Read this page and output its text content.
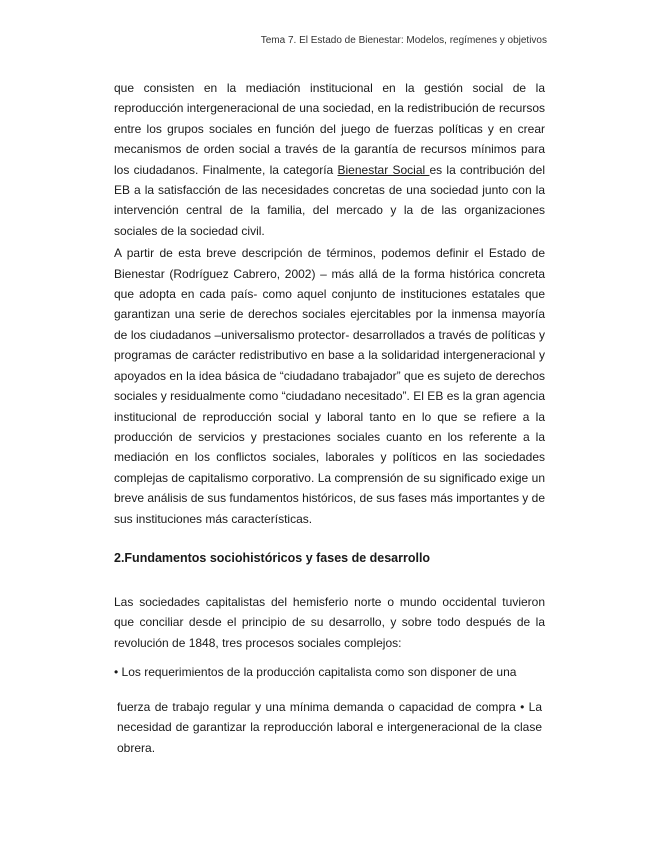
Tema 7. El Estado de Bienestar: Modelos, regímenes y objetivos

que consisten en la mediación institucional en la gestión social de la reproducción intergeneracional de una sociedad, en la redistribución de recursos entre los grupos sociales en función del juego de fuerzas políticas y en crear mecanismos de orden social a través de la garantía de recursos mínimos para los ciudadanos. Finalmente, la categoría Bienestar Social es la contribución del EB a la satisfacción de las necesidades concretas de una sociedad junto con la intervención central de la familia, del mercado y la de las organizaciones sociales de la sociedad civil.

A partir de esta breve descripción de términos, podemos definir el Estado de Bienestar (Rodríguez Cabrero, 2002) – más allá de la forma histórica concreta que adopta en cada país- como aquel conjunto de instituciones estatales que garantizan una serie de derechos sociales ejercitables por la inmensa mayoría de los ciudadanos –universalismo protector- desarrollados a través de políticas y programas de carácter redistributivo en base a la solidaridad intergeneracional y apoyados en la idea básica de “ciudadano trabajador” que es sujeto de derechos sociales y residualmente como “ciudadano necesitado”. El EB es la gran agencia institucional de reproducción social y laboral tanto en lo que se refiere a la producción de servicios y prestaciones sociales cuanto en los referente a la mediación en los conflictos sociales, laborales y políticos en las sociedades complejas de capitalismo corporativo. La comprensión de su significado exige un breve análisis de sus fundamentos históricos, de sus fases más importantes y de sus instituciones más características.

2.Fundamentos sociohistóricos y fases de desarrollo

Las sociedades capitalistas del hemisferio norte o mundo occidental tuvieron que conciliar desde el principio de su desarrollo, y sobre todo después de la revolución de 1848, tres procesos sociales complejos:

• Los requerimientos de la producción capitalista como son disponer de una

fuerza de trabajo regular y una mínima demanda o capacidad de compra • La necesidad de garantizar la reproducción laboral e intergeneracional de la clase obrera.
